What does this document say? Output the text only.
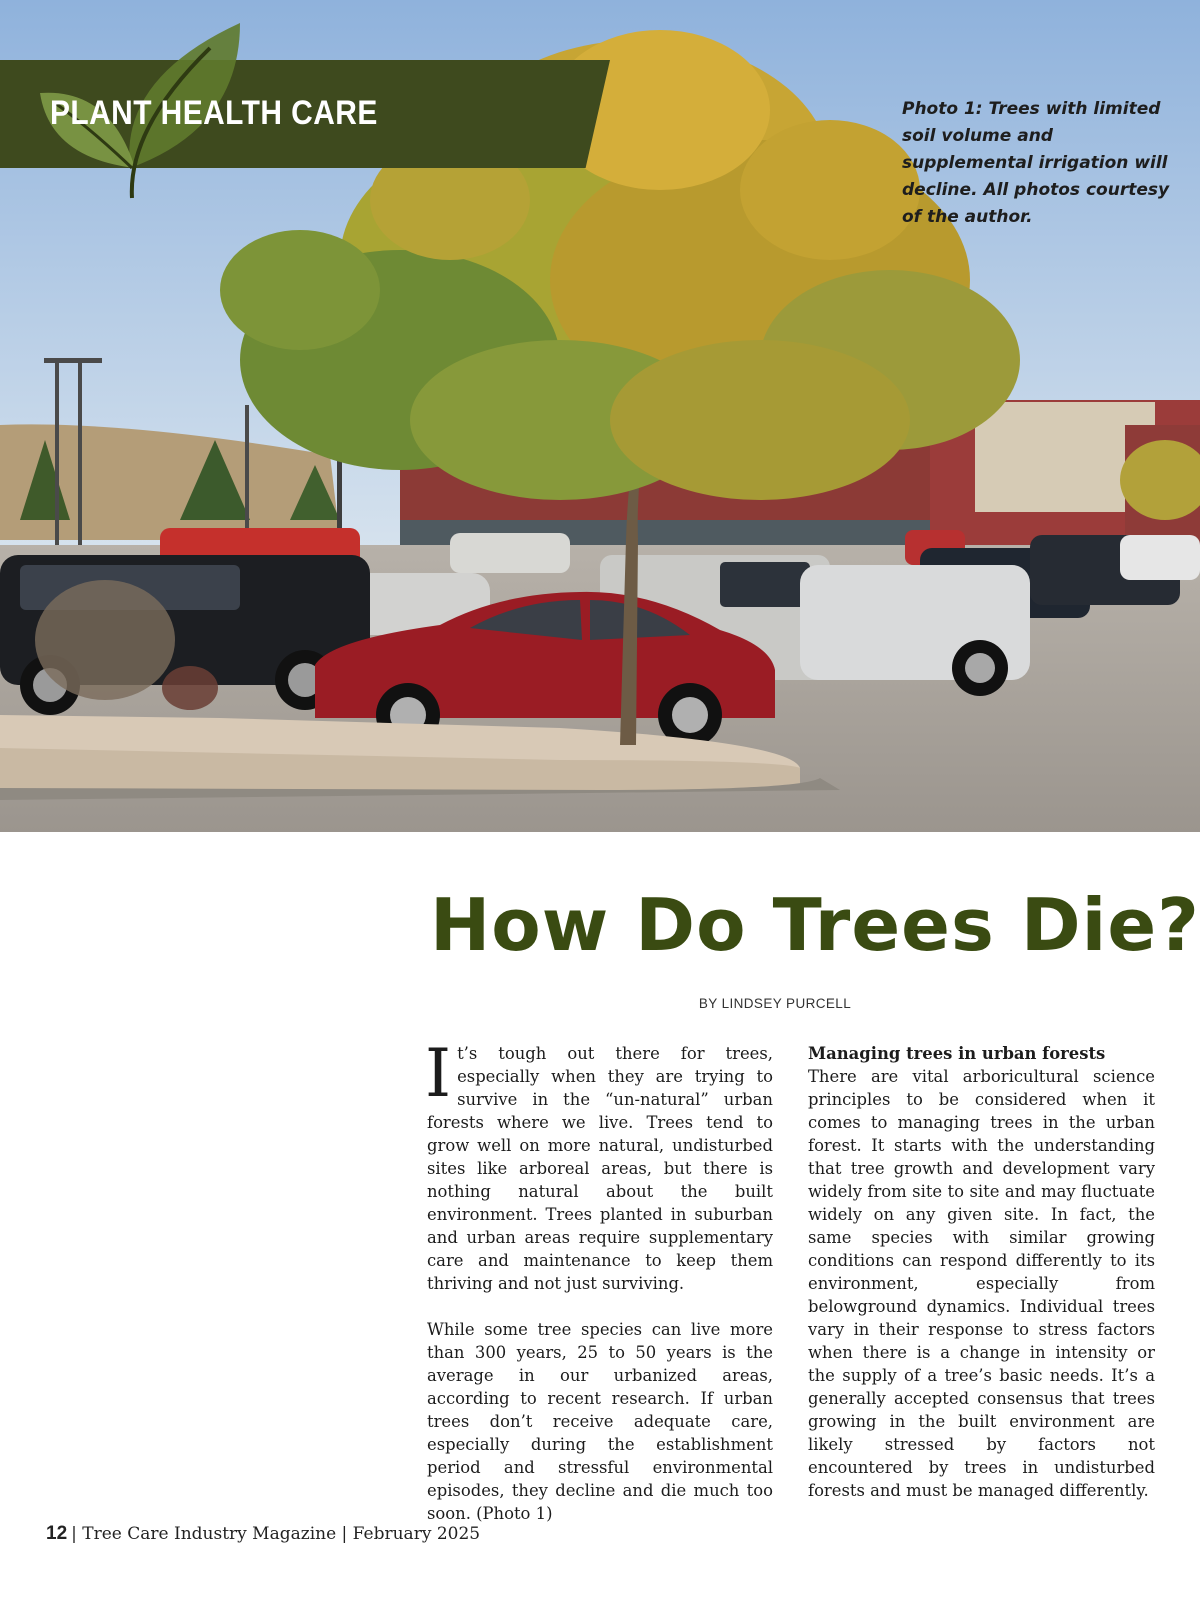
PLANT HEALTH CARE	Photo 1: Trees with limited soil volume and supplemental irrigation will decline. All photos courtesy of the author.
How Do Trees Die?
BY LINDSEY PURCELL

It’s tough out there for trees, especially when they are trying to survive in the “un-natural” urban forests where we live. Trees tend to grow well on more natural, undisturbed sites like arboreal areas, but there is nothing natural about the built environment. Trees planted in suburban and urban areas require supplementary care and maintenance to keep them thriving and not just surviving.

While some tree species can live more than 300 years, 25 to 50 years is the average in our urbanized areas, according to recent research. If urban trees don’t receive adequate care, especially during the establishment period and stressful environmental episodes, they decline and die much too soon. (Photo 1)

Managing trees in urban forests
There are vital arboricultural science principles to be considered when it comes to managing trees in the urban forest. It starts with the understanding that tree growth and development vary widely from site to site and may fluctuate widely on any given site. In fact, the same species with similar growing conditions can respond differently to its environment, especially from belowground dynamics. Individual trees vary in their response to stress factors when there is a change in intensity or the supply of a tree’s basic needs. It’s a generally accepted consensus that trees growing in the built environment are likely stressed by factors not encountered by trees in undisturbed forests and must be managed differently.

12 | Tree Care Industry Magazine | February 2025
